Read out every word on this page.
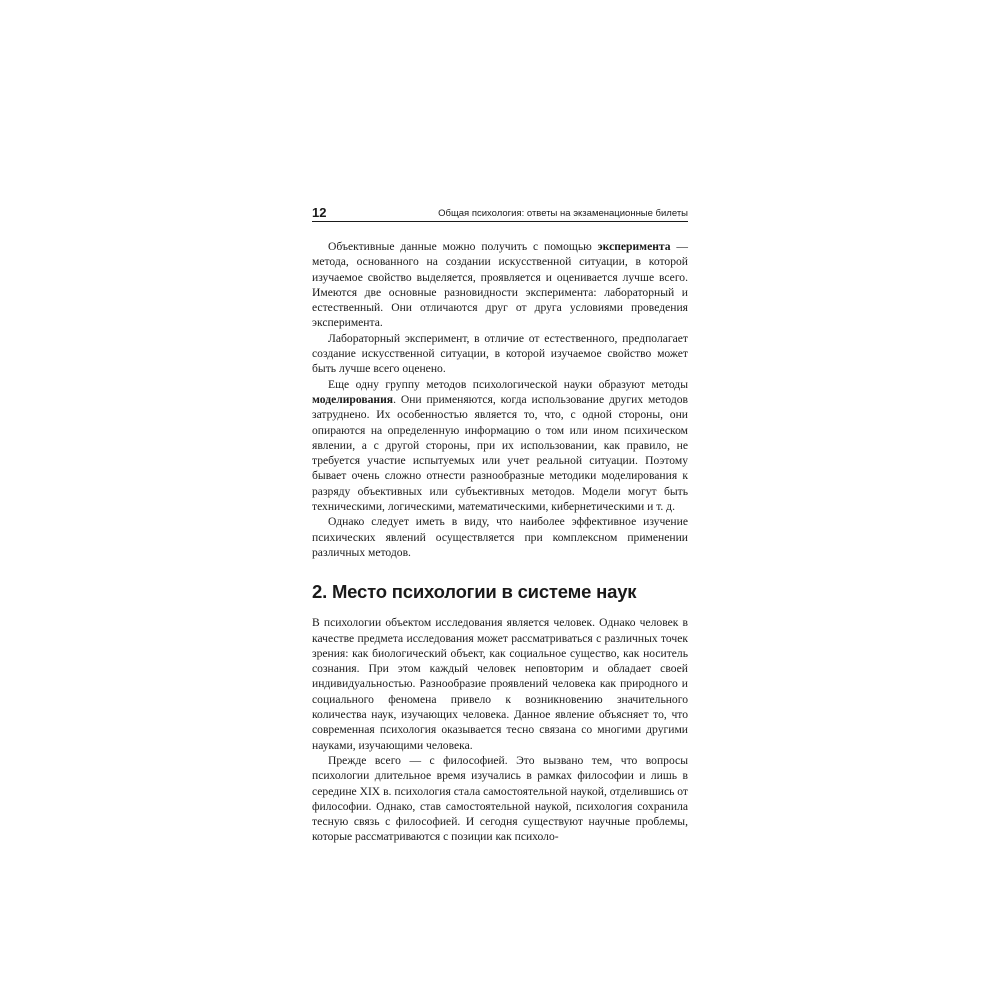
12	Общая психология: ответы на экзаменационные билеты

Объективные данные можно получить с помощью эксперимента — метода, основанного на создании искусственной ситуации, в которой изучаемое свойство выделяется, проявляется и оценивается лучше всего. Имеются две основные разновидности эксперимента: лабораторный и естественный. Они отличаются друг от друга условиями проведения эксперимента.

Лабораторный эксперимент, в отличие от естественного, предполагает создание искусственной ситуации, в которой изучаемое свойство может быть лучше всего оценено.

Еще одну группу методов психологической науки образуют методы моделирования. Они применяются, когда использование других методов затруднено. Их особенностью является то, что, с одной стороны, они опираются на определенную информацию о том или ином психическом явлении, а с другой стороны, при их использовании, как правило, не требуется участие испытуемых или учет реальной ситуации. Поэтому бывает очень сложно отнести разнообразные методики моделирования к разряду объективных или субъективных методов. Модели могут быть техническими, логическими, математическими, кибернетическими и т. д.

Однако следует иметь в виду, что наиболее эффективное изучение психических явлений осуществляется при комплексном применении различных методов.

2. Место психологии в системе наук

В психологии объектом исследования является человек. Однако человек в качестве предмета исследования может рассматриваться с различных точек зрения: как биологический объект, как социальное существо, как носитель сознания. При этом каждый человек неповторим и обладает своей индивидуальностью. Разнообразие проявлений человека как природного и социального феномена привело к возникновению значительного количества наук, изучающих человека. Данное явление объясняет то, что современная психология оказывается тесно связана со многими другими науками, изучающими человека.

Прежде всего — с философией. Это вызвано тем, что вопросы психологии длительное время изучались в рамках философии и лишь в середине XIX в. психология стала самостоятельной наукой, отделившись от философии. Однако, став самостоятельной наукой, психология сохранила тесную связь с философией. И сегодня существуют научные проблемы, которые рассматриваются с позиции как психоло-
